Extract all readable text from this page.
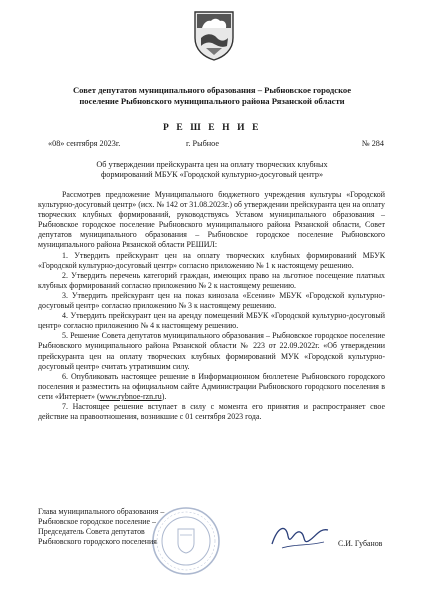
Совет депутатов муниципального образования – Рыбновское городское
поселение Рыбновского муниципального района Рязанской области
Р Е Ш Е Н И Е
«08» сентября 2023г.	г. Рыбное	№ 284
Об утверждении прейскуранта цен на оплату творческих клубных
формирований МБУК «Городской культурно-досуговый центр»

Рассмотрев предложение Муниципального бюджетного учреждения культуры «Городской культурно-досуговый центр» (исх. № 142 от 31.08.2023г.) об утверждении прейскуранта цен на оплату творческих клубных формирований, руководствуясь Уставом муниципального образования – Рыбновское городское поселение Рыбновского муниципального района Рязанской области, Совет депутатов муниципального образования – Рыбновское городское поселение Рыбновского муниципального района Рязанской области РЕШИЛ:

1. Утвердить прейскурант цен на оплату творческих клубных формирований МБУК «Городской культурно-досуговый центр» согласно приложению № 1 к настоящему решению.

2. Утвердить перечень категорий граждан, имеющих право на льготное посещение платных клубных формирований согласно приложению № 2 к настоящему решению.

3. Утвердить прейскурант цен на показ кинозала «Есенин» МБУК «Городской культурно-досуговый центр» согласно приложению № 3 к настоящему решению.

4. Утвердить прейскурант цен на аренду помещений МБУК «Городской культурно-досуговый центр» согласно приложению № 4 к настоящему решению.

5. Решение Совета депутатов муниципального образования – Рыбновское городское поселение Рыбновского муниципального района Рязанской области № 223 от 22.09.2022г. «Об утверждении прейскуранта цен на оплату творческих клубных формирований МУК «Городской культурно-досуговый центр» считать утратившим силу.

6. Опубликовать настоящее решение в Информационном бюллетене Рыбновского городского поселения и разместить на официальном сайте Администрации Рыбновского городского поселения в сети «Интернет» (www.rybnoe-rzn.ru).

7. Настоящее решение вступает в силу с момента его принятия и распространяет свое действие на правоотношения, возникшие с 01 сентября 2023 года.

Глава муниципального образования –
Рыбновское городское поселение –
Председатель Совета депутатов
Рыбновского городского поселения	С.И. Губанов
